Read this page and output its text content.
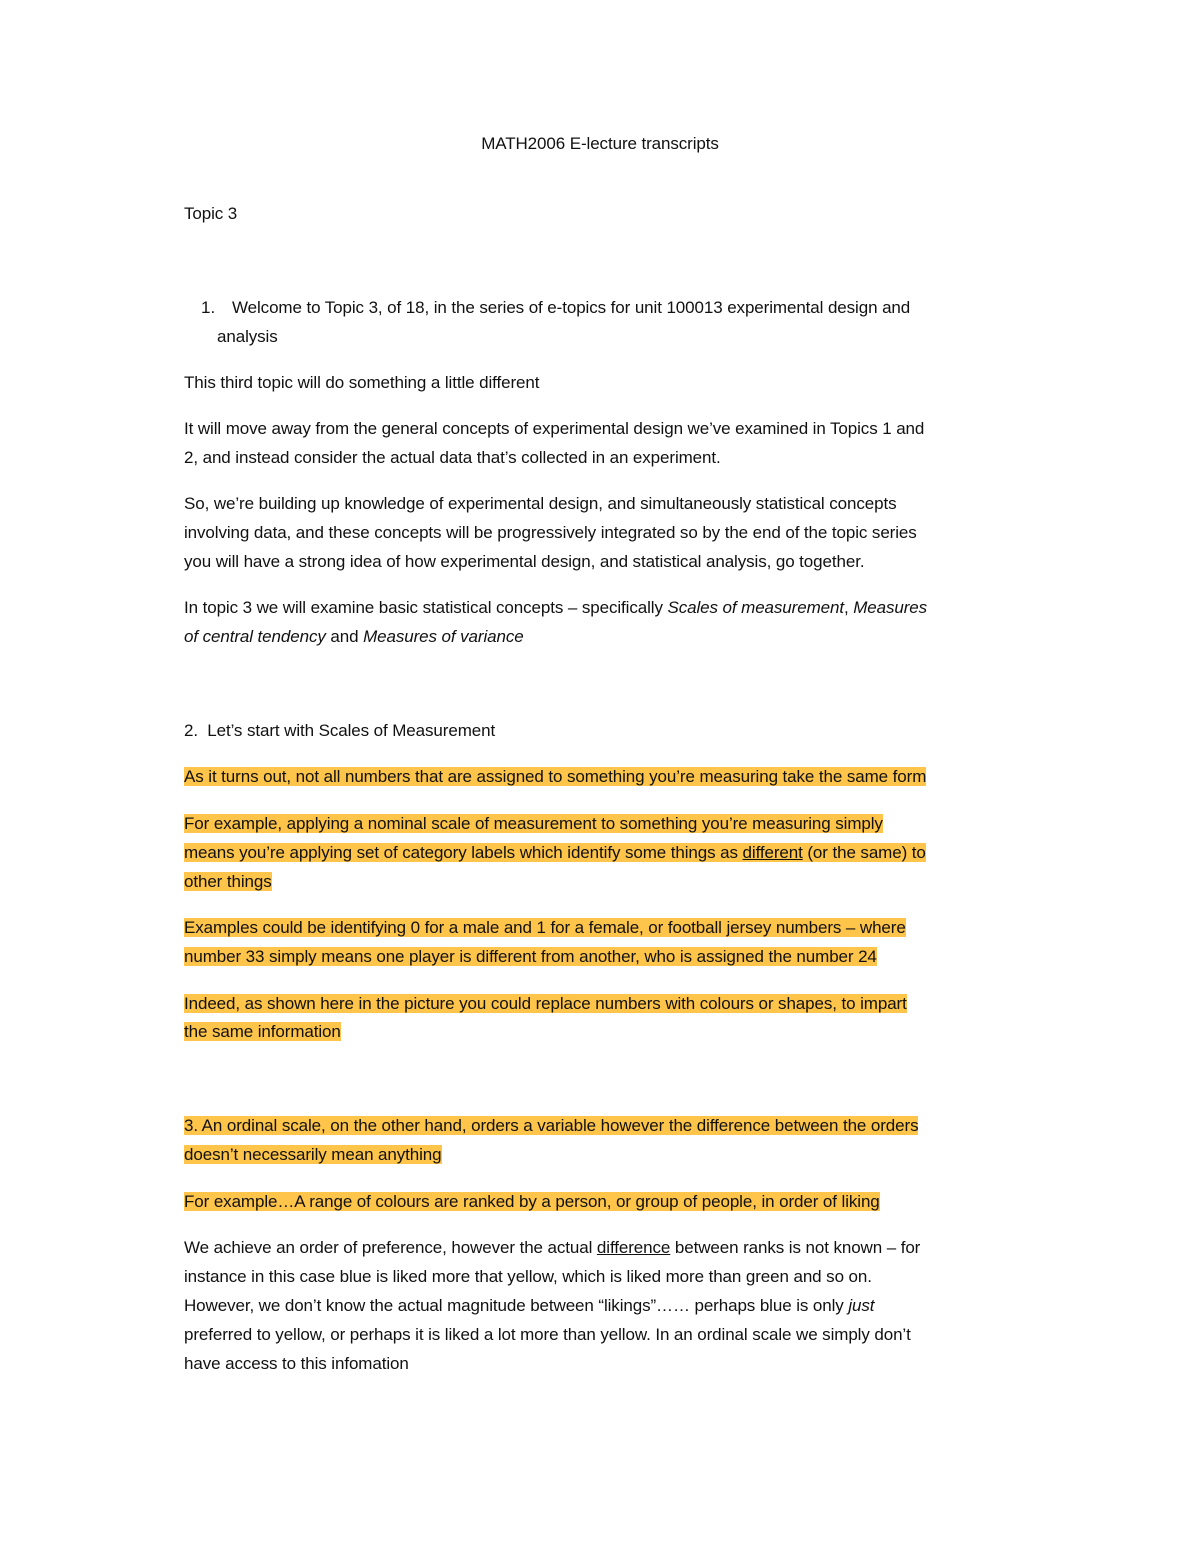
MATH2006 E-lecture transcripts
Topic 3
1. Welcome to Topic 3, of 18, in the series of e-topics for unit 100013 experimental design and
analysis
This third topic will do something a little different
It will move away from the general concepts of experimental design we’ve examined in Topics 1 and
2, and instead consider the actual data that’s collected in an experiment.
So, we’re building up knowledge of experimental design, and simultaneously statistical concepts
involving data, and these concepts will be progressively integrated so by the end of the topic series
you will have a strong idea of how experimental design, and statistical analysis, go together.
In topic 3 we will examine basic statistical concepts – specifically Scales of measurement, Measures
of central tendency and Measures of variance
2. Let’s start with Scales of Measurement
As it turns out, not all numbers that are assigned to something you’re measuring take the same form
For example, applying a nominal scale of measurement to something you’re measuring simply
means you’re applying set of category labels which identify some things as different (or the same) to
other things
Examples could be identifying 0 for a male and 1 for a female, or football jersey numbers – where
number 33 simply means one player is different from another, who is assigned the number 24
Indeed, as shown here in the picture you could replace numbers with colours or shapes, to impart
the same information
3. An ordinal scale, on the other hand, orders a variable however the difference between the orders
doesn’t necessarily mean anything
For example…A range of colours are ranked by a person, or group of people, in order of liking
We achieve an order of preference, however the actual difference between ranks is not known – for
instance in this case blue is liked more that yellow, which is liked more than green and so on.
However, we don’t know the actual magnitude between “likings”…… perhaps blue is only just
preferred to yellow, or perhaps it is liked a lot more than yellow. In an ordinal scale we simply don’t
have access to this infomation
